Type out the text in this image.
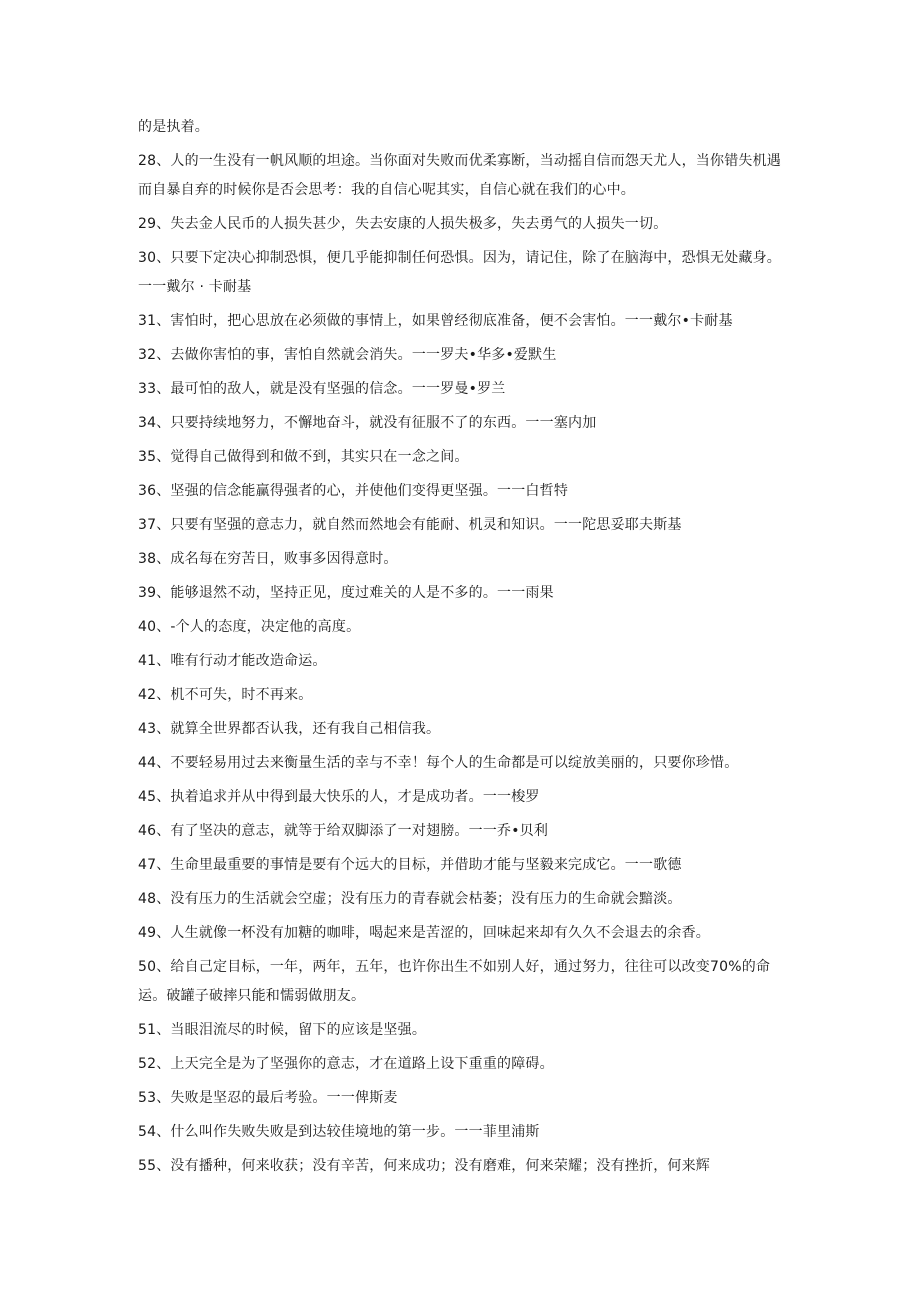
的是执着。

28、人的一生没有一帆风顺的坦途。当你面对失败而优柔寡断，当动摇自信而怨天尤人，当你错失机遇而自暴自弃的时候你是否会思考：我的自信心呢其实，自信心就在我们的心中。

29、失去金人民币的人损失甚少，失去安康的人损失极多，失去勇气的人损失一切。

30、只要下定决心抑制恐惧，便几乎能抑制任何恐惧。因为，请记住，除了在脑海中，恐惧无处藏身。一一戴尔 · 卡耐基

31、害怕时，把心思放在必须做的事情上，如果曾经彻底准备，便不会害怕。一一戴尔•卡耐基

32、去做你害怕的事，害怕自然就会消失。一一罗夫•华多•爱默生

33、最可怕的敌人，就是没有坚强的信念。一一罗曼•罗兰

34、只要持续地努力，不懈地奋斗，就没有征服不了的东西。一一塞内加

35、觉得自己做得到和做不到，其实只在一念之间。

36、坚强的信念能赢得强者的心，并使他们变得更坚强。一一白哲特

37、只要有坚强的意志力，就自然而然地会有能耐、机灵和知识。一一陀思妥耶夫斯基

38、成名每在穷苦日，败事多因得意时。

39、能够退然不动，坚持正见，度过难关的人是不多的。一一雨果

40、-个人的态度，决定他的高度。

41、唯有行动才能改造命运。

42、机不可失，时不再来。

43、就算全世界都否认我，还有我自己相信我。

44、不要轻易用过去来衡量生活的幸与不幸！每个人的生命都是可以绽放美丽的，只要你珍惜。

45、执着追求并从中得到最大快乐的人，才是成功者。一一梭罗

46、有了坚决的意志，就等于给双脚添了一对翅膀。一一乔•贝利

47、生命里最重要的事情是要有个远大的目标，并借助才能与坚毅来完成它。一一歌德

48、没有压力的生活就会空虚；没有压力的青春就会枯萎；没有压力的生命就会黯淡。

49、人生就像一杯没有加糖的咖啡，喝起来是苦涩的，回味起来却有久久不会退去的余香。

50、给自己定目标，一年，两年，五年，也许你出生不如别人好，通过努力，往往可以改变70%的命运。破罐子破摔只能和懦弱做朋友。

51、当眼泪流尽的时候，留下的应该是坚强。

52、上天完全是为了坚强你的意志，才在道路上设下重重的障碍。

53、失败是坚忍的最后考验。一一俾斯麦

54、什么叫作失败失败是到达较佳境地的第一步。一一菲里浦斯

55、没有播种，何来收获；没有辛苦，何来成功；没有磨难，何来荣耀；没有挫折，何来辉
